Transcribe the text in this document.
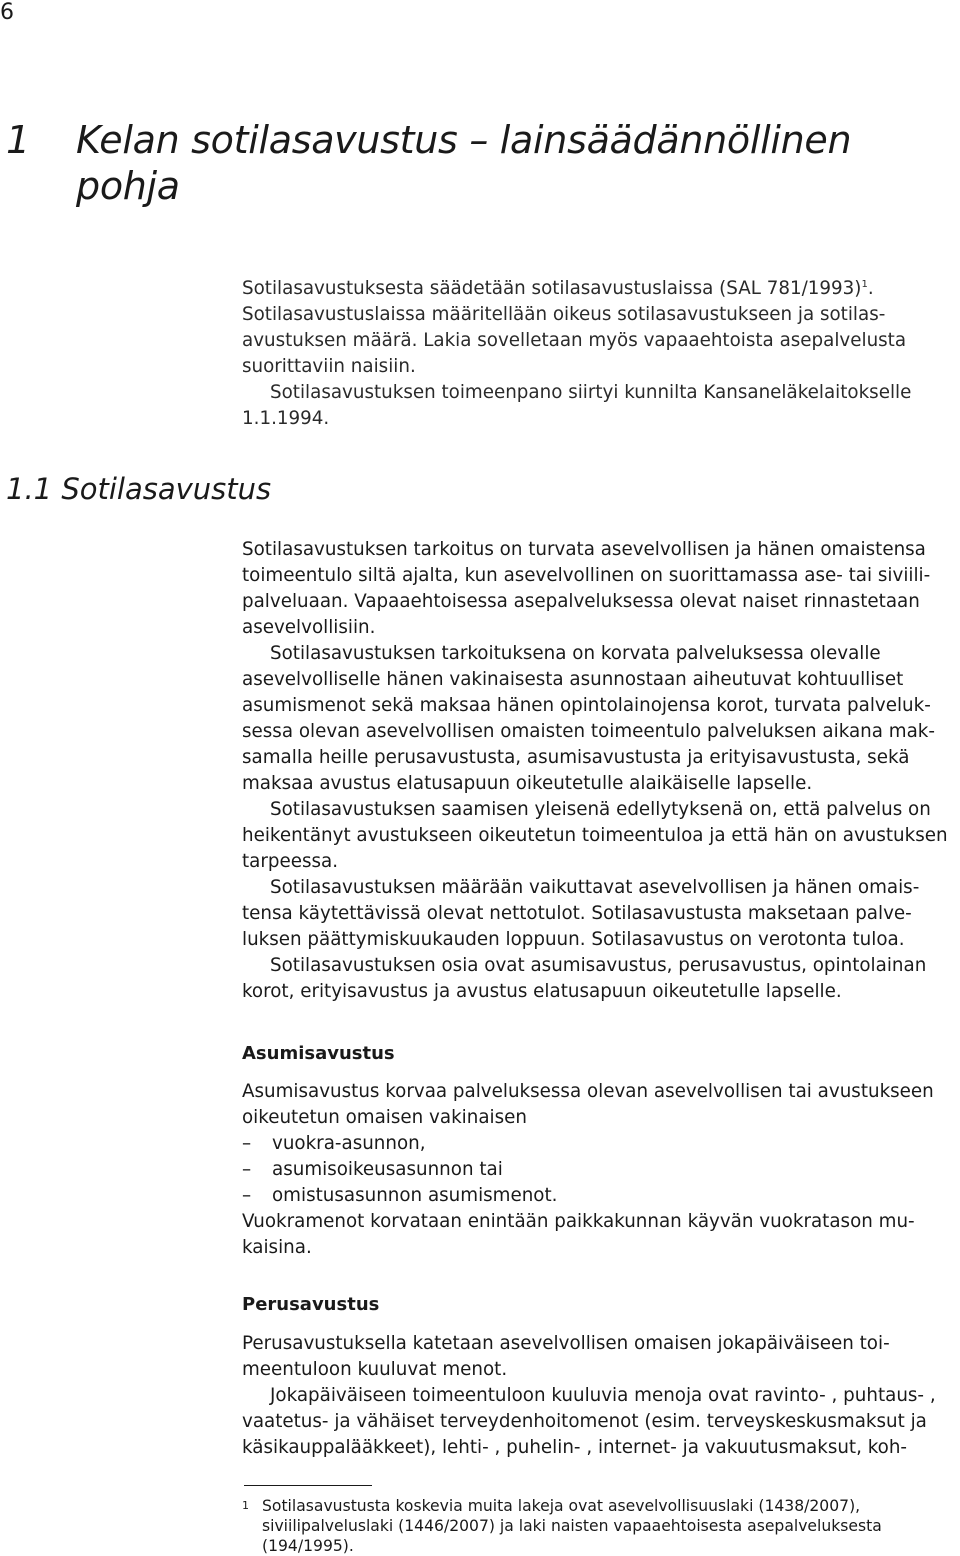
6
1 Kelan sotilasavustus – lainsäädännöllinen pohja

Sotilasavustuksesta säädetään sotilasavustuslaissa (SAL 781/1993)$^1$. Sotilasavustuslaissa määritellään oikeus sotilasavustukseen ja sotilasavustuksen määrä. Lakia sovelletaan myös vapaaehtoista asepalvelusta suorittaviin naisiin.

Sotilasavustuksen toimeenpano siirtyi kunnilta Kansaneläkelaitokselle 1.1.1994.

1.1 Sotilasavustus

Sotilasavustuksen tarkoitus on turvata asevelvollisen ja hänen omaistensa toimeentulo siltä ajalta, kun asevelvollinen on suorittamassa ase- tai siviilipalveluaan. Vapaaehtoisessa asepalveluksessa olevat naiset rinnastetaan asevelvollisiin.

Sotilasavustuksen tarkoituksena on korvata palveluksessa olevalle asevelvolliselle hänen vakinaisesta asunnostaan aiheutuvat kohtuulliset asumismenot sekä maksaa hänen opintolainojensa korot, turvata palveluksessa olevan asevelvollisen omaisten toimeentulo palveluksen aikana maksamalla heille perusavustusta, asumisavustusta ja erityisavustusta, sekä maksaa avustus elatusapuun oikeutetulle alaikäiselle lapselle.

Sotilasavustuksen saamisen yleisenä edellytyksenä on, että palvelus on heikentänyt avustukseen oikeutetun toimeentuloa ja että hän on avustuksen tarpeessa.

Sotilasavustuksen määrään vaikuttavat asevelvollisen ja hänen omaistensa käytettävissä olevat nettotulot. Sotilasavustusta maksetaan palveluksen päättymiskuukauden loppuun. Sotilasavustus on verotonta tuloa.

Sotilasavustuksen osia ovat asumisavustus, perusavustus, opintolainan korot, erityisavustus ja avustus elatusapuun oikeutetulle lapselle.

Asumisavustus

Asumisavustus korvaa palveluksessa olevan asevelvollisen tai avustukseen oikeutetun omaisen vakinaisen

– vuokra-asunnon,
– asumisoikeusasunnon tai
– omistusasunnon asumismenot.

Vuokramenot korvataan enintään paikkakunnan käyvän vuokratason mukaisina.

Perusavustus

Perusavustuksella katetaan asevelvollisen omaisen jokapäiväiseen toimeentuloon kuuluvat menot.

Jokapäiväiseen toimeentuloon kuuluvia menoja ovat ravinto- , puhtaus- , vaatetus- ja vähäiset terveydenhoitomenot (esim. terveyskeskusmaksut ja käsikauppalääkkeet), lehti- , puhelin- , internet- ja vakuutusmaksut, koh-

1 Sotilasavustusta koskevia muita lakeja ovat asevelvollisuuslaki (1438/2007), siviilipalveluslaki (1446/2007) ja laki naisten vapaaehtoisesta asepalveluksesta (194/1995).
